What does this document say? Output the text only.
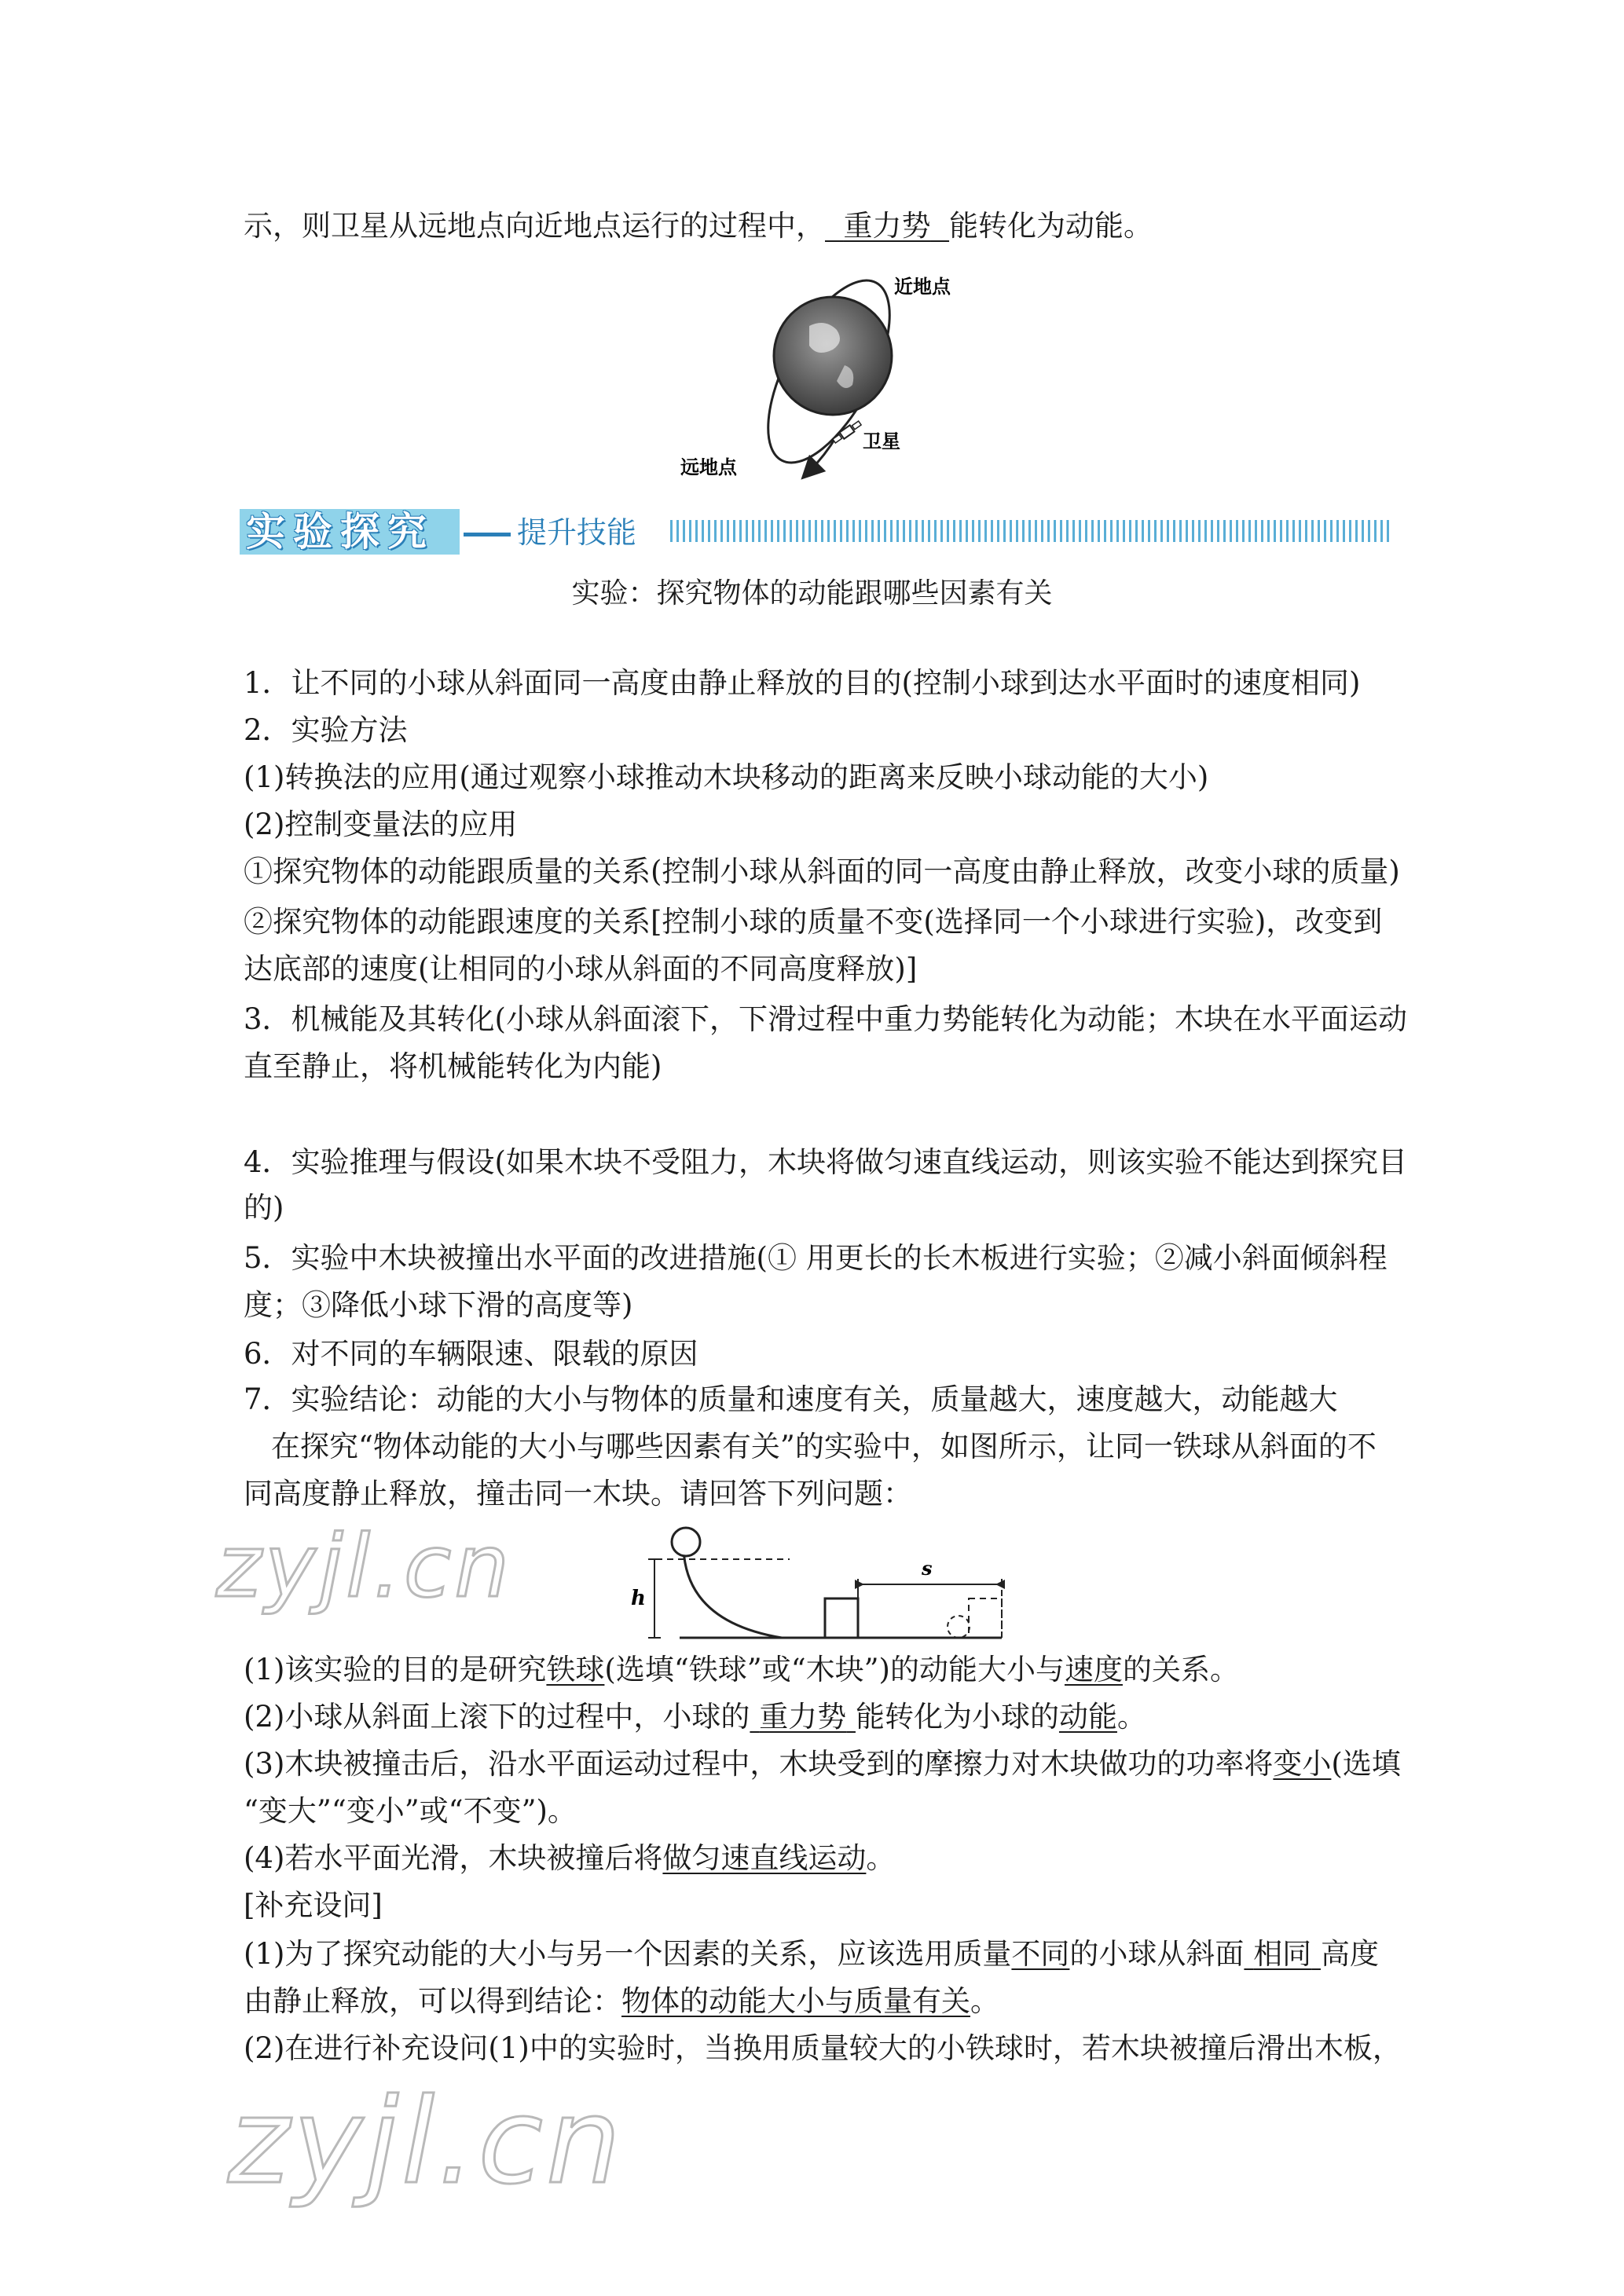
示，则卫星从远地点向近地点运行的过程中， 重力势 能转化为动能。
近地点
卫星
远地点
实验探究	提升技能
实验：探究物体的动能跟哪些因素有关
1．让不同的小球从斜面同一高度由静止释放的目的(控制小球到达水平面时的速度相同)
2．实验方法
(1)转换法的应用(通过观察小球推动木块移动的距离来反映小球动能的大小)
(2)控制变量法的应用
①探究物体的动能跟质量的关系(控制小球从斜面的同一高度由静止释放，改变小球的质量)
②探究物体的动能跟速度的关系[控制小球的质量不变(选择同一个小球进行实验)，改变到
达底部的速度(让相同的小球从斜面的不同高度释放)]
3．机械能及其转化(小球从斜面滚下，下滑过程中重力势能转化为动能；木块在水平面运动
直至静止，将机械能转化为内能)
4．实验推理与假设(如果木块不受阻力，木块将做匀速直线运动，则该实验不能达到探究目
的)
5．实验中木块被撞出水平面的改进措施(① 用更长的长木板进行实验；②减小斜面倾斜程
度；③降低小球下滑的高度等)
6．对不同的车辆限速、限载的原因
7．实验结论：动能的大小与物体的质量和速度有关，质量越大，速度越大，动能越大
在探究“物体动能的大小与哪些因素有关”的实验中，如图所示，让同一铁球从斜面的不
同高度静止释放，撞击同一木块。请回答下列问题：
h
s
(1)该实验的目的是研究铁球(选填“铁球”或“木块”)的动能大小与速度的关系。
(2)小球从斜面上滚下的过程中，小球的 重力势 能转化为小球的动能。
(3)木块被撞击后，沿水平面运动过程中，木块受到的摩擦力对木块做功的功率将变小(选填
“变大”“变小”或“不变”)。
(4)若水平面光滑，木块被撞后将做匀速直线运动。
[补充设问]
(1)为了探究动能的大小与另一个因素的关系，应该选用质量不同的小球从斜面 相同 高度
由静止释放，可以得到结论：物体的动能大小与质量有关。
(2)在进行补充设问(1)中的实验时，当换用质量较大的小铁球时，若木块被撞后滑出木板，
zyjl.cn
zyjl.cn
